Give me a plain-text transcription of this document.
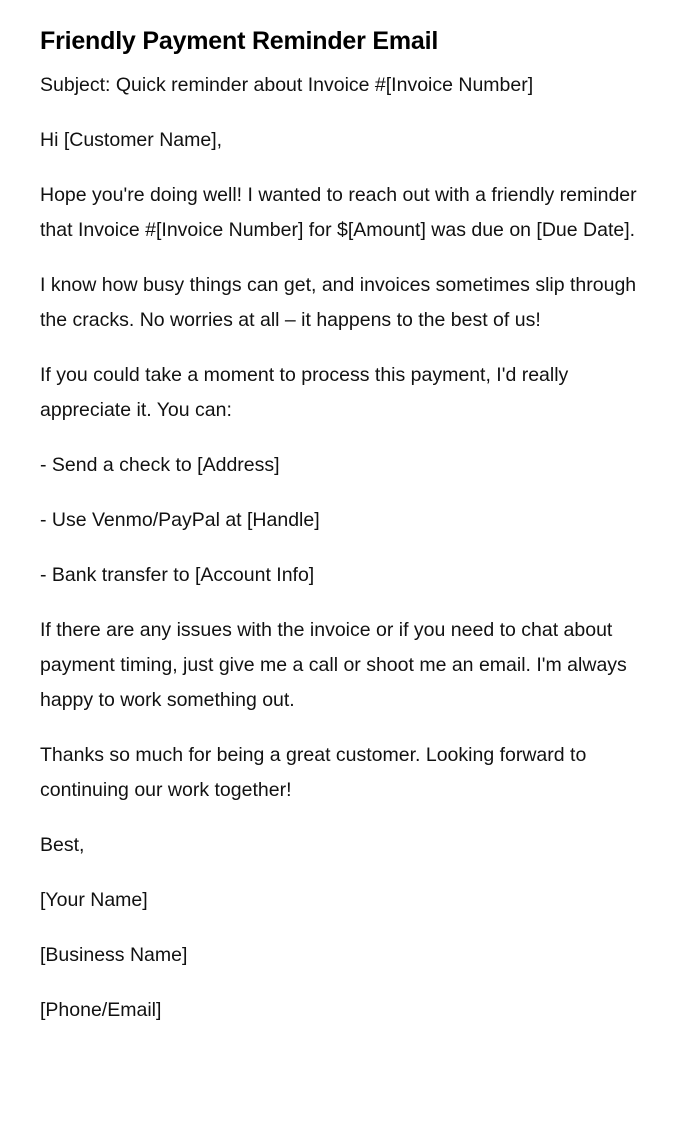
Friendly Payment Reminder Email

Subject: Quick reminder about Invoice #[Invoice Number]

Hi [Customer Name],

Hope you're doing well! I wanted to reach out with a friendly reminder that Invoice #[Invoice Number] for $[Amount] was due on [Due Date].

I know how busy things can get, and invoices sometimes slip through the cracks. No worries at all – it happens to the best of us!

If you could take a moment to process this payment, I'd really appreciate it. You can:

- Send a check to [Address]

- Use Venmo/PayPal at [Handle]

- Bank transfer to [Account Info]

If there are any issues with the invoice or if you need to chat about payment timing, just give me a call or shoot me an email. I'm always happy to work something out.

Thanks so much for being a great customer. Looking forward to continuing our work together!

Best,

[Your Name]

[Business Name]

[Phone/Email]
